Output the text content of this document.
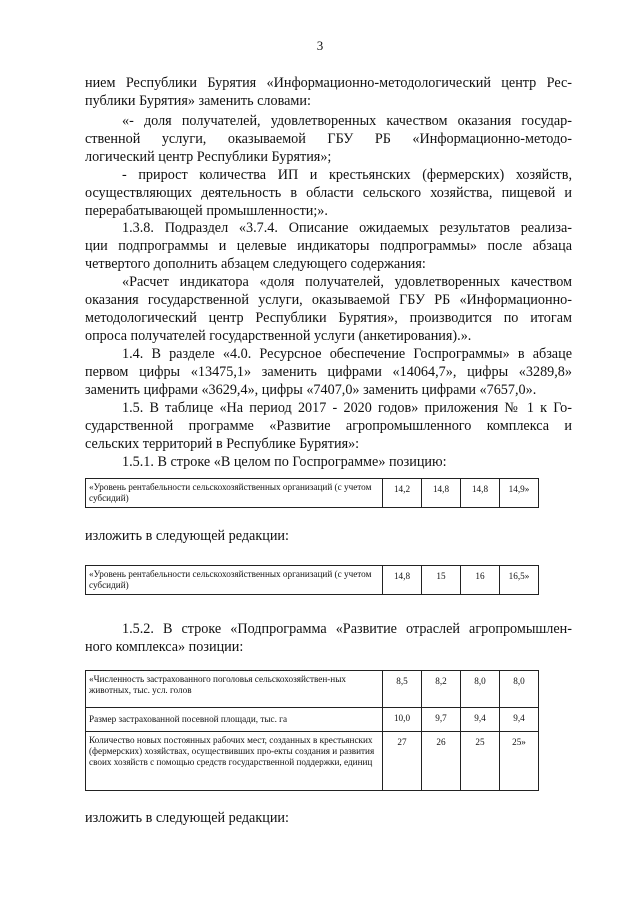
3
нием Республики Бурятия «Информационно-методологический центр Рес-
публики Бурятия» заменить словами:
«- доля получателей, удовлетворенных качеством оказания государ-
ственной услуги, оказываемой ГБУ РБ «Информационно-методо-
логический центр Республики Бурятия»;
- прирост количества ИП и крестьянских (фермерских) хозяйств,
осуществляющих деятельность в области сельского хозяйства, пищевой и
перерабатывающей промышленности;».
1.3.8. Подраздел «3.7.4. Описание ожидаемых результатов реализа-
ции подпрограммы и целевые индикаторы подпрограммы» после абзаца
четвертого дополнить абзацем следующего содержания:
«Расчет индикатора «доля получателей, удовлетворенных качеством
оказания государственной услуги, оказываемой ГБУ РБ «Информационно-
методологический центр Республики Бурятия», производится по итогам
опроса получателей государственной услуги (анкетирования).».
1.4. В разделе «4.0. Ресурсное обеспечение Госпрограммы» в абзаце
первом цифры «13475,1» заменить цифрами «14064,7», цифры «3289,8»
заменить цифрами «3629,4», цифры «7407,0» заменить цифрами «7657,0».
1.5. В таблице «На период 2017 - 2020 годов» приложения № 1 к Го-
сударственной программе «Развитие агропромышленного комплекса и
сельских территорий в Республике Бурятия»:
1.5.1. В строке «В целом по Госпрограмме» позицию:
«Уровень рентабельности сельскохозяйственных организаций (с учетом субсидий)	14,2	14,8	14,8	14,9»
изложить в следующей редакции:
«Уровень рентабельности сельскохозяйственных организаций (с учетом субсидий)	14,8	15	16	16,5»
1.5.2. В строке «Подпрограмма «Развитие отраслей агропромышлен-
ного комплекса» позиции:
«Численность застрахованного поголовья сельскохозяйствен-ных животных, тыс. усл. голов	8,5	8,2	8,0	8,0
Размер застрахованной посевной площади, тыс. га	10,0	9,7	9,4	9,4
Количество новых постоянных рабочих мест, созданных в крестьянских (фермерских) хозяйствах, осуществивших про-екты создания и развития своих хозяйств с помощью средств государственной поддержки, единиц	27	26	25	25»
изложить в следующей редакции:
